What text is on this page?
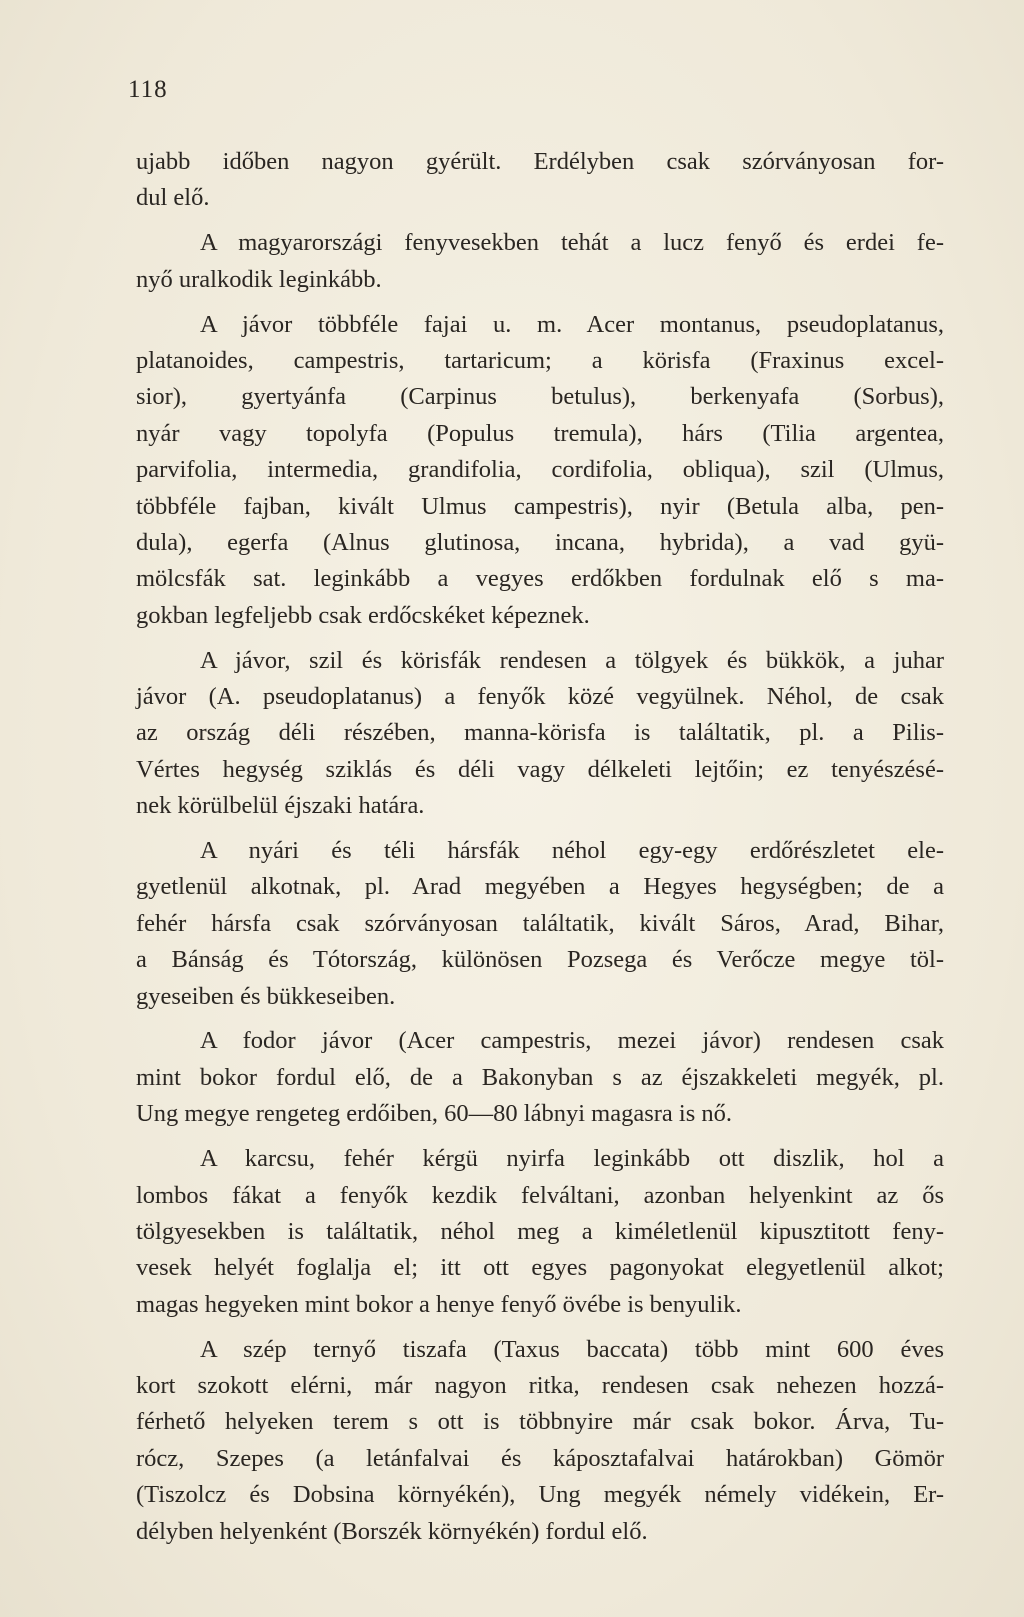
118
ujabb időben nagyon gyérült. Erdélyben csak szórványosan for-
dul elő.
A magyarországi fenyvesekben tehát a lucz fenyő és erdei fe-
nyő uralkodik leginkább.
A jávor többféle fajai u. m. Acer montanus, pseudoplatanus,
platanoides, campestris, tartaricum; a körisfa (Fraxinus excel-
sior), gyertyánfa (Carpinus betulus), berkenyafa (Sorbus),
nyár vagy topolyfa (Populus tremula), hárs (Tilia argentea,
parvifolia, intermedia, grandifolia, cordifolia, obliqua), szil (Ulmus,
többféle fajban, kivált Ulmus campestris), nyir (Betula alba, pen-
dula), egerfa (Alnus glutinosa, incana, hybrida), a vad gyü-
mölcsfák sat. leginkább a vegyes erdőkben fordulnak elő s ma-
gokban legfeljebb csak erdőcskéket képeznek.
A jávor, szil és körisfák rendesen a tölgyek és bükkök, a juhar
jávor (A. pseudoplatanus) a fenyők közé vegyülnek. Néhol, de csak
az ország déli részében, manna-körisfa is találtatik, pl. a Pilis-
Vértes hegység sziklás és déli vagy délkeleti lejtőin; ez tenyészésé-
nek körülbelül éjszaki határa.
A nyári és téli hársfák néhol egy-egy erdőrészletet ele-
gyetlenül alkotnak, pl. Arad megyében a Hegyes hegységben; de a
fehér hársfa csak szórványosan találtatik, kivált Sáros, Arad, Bihar,
a Bánság és Tótország, különösen Pozsega és Verőcze megye töl-
gyeseiben és bükkeseiben.
A fodor jávor (Acer campestris, mezei jávor) rendesen csak
mint bokor fordul elő, de a Bakonyban s az éjszakkeleti megyék, pl.
Ung megye rengeteg erdőiben, 60—80 lábnyi magasra is nő.
A karcsu, fehér kérgü nyirfa leginkább ott diszlik, hol a
lombos fákat a fenyők kezdik felváltani, azonban helyenkint az ős
tölgyesekben is találtatik, néhol meg a kiméletlenül kipusztitott feny-
vesek helyét foglalja el; itt ott egyes pagonyokat elegyetlenül alkot;
magas hegyeken mint bokor a henye fenyő övébe is benyulik.
A szép ternyő tiszafa (Taxus baccata) több mint 600 éves
kort szokott elérni, már nagyon ritka, rendesen csak nehezen hozzá-
férhető helyeken terem s ott is többnyire már csak bokor. Árva, Tu-
rócz, Szepes (a letánfalvai és káposztafalvai határokban) Gömör
(Tiszolcz és Dobsina környékén), Ung megyék némely vidékein, Er-
délyben helyenként (Borszék környékén) fordul elő.
